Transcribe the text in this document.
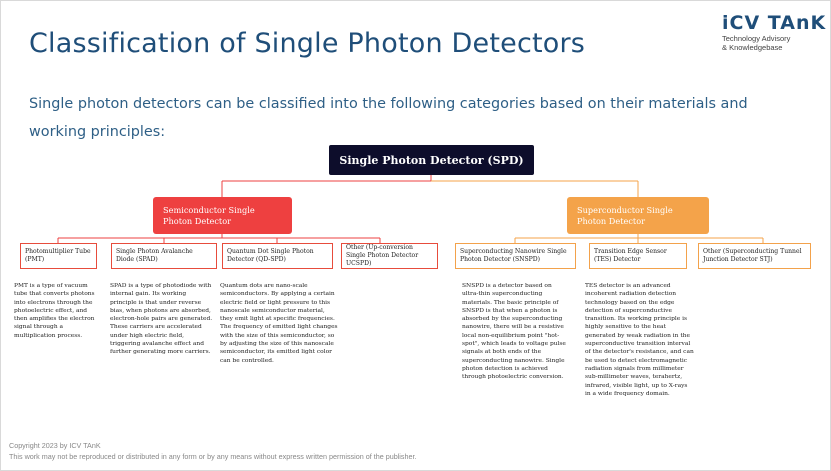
Classification of Single Photon Detectors
iCV TAnK
Technology Advisory
& Knowledgebase
Single photon detectors can be classified into the following categories based on their materials and working principles:
Single Photon Detector (SPD)
Semiconductor Single Photon Detector
Superconductor Single Photon Detector
Photomultiplier Tube (PMT)
Single Photon Avalanche Diode (SPAD)
Quantum Dot Single Photon Detector (QD-SPD)
Other (Up-conversion Single Photon Detector UCSPD)
Superconducting Nanowire Single Photon Detector (SNSPD)
Transition Edge Sensor (TES) Detector
Other (Superconducting Tunnel Junction Detector STJ)
PMT is a type of vacuum tube that converts photons into electrons through the photoelectric effect, and then amplifies the electron signal through a multiplication process.
SPAD is a type of photodiode with internal gain. Its working principle is that under reverse bias, when photons are absorbed, electron-hole pairs are generated. These carriers are accelerated under high electric field, triggering avalanche effect and further generating more carriers.
Quantum dots are nano-scale semiconductors. By applying a certain electric field or light pressure to this nanoscale semiconductor material, they emit light at specific frequencies. The frequency of emitted light changes with the size of this semiconductor, so by adjusting the size of this nanoscale semiconductor, its emitted light color can be controlled.
SNSPD is a detector based on ultra-thin superconducting materials. The basic principle of SNSPD is that when a photon is absorbed by the superconducting nanowire, there will be a resistive local non-equilibrium point "hot-spot", which leads to voltage pulse signals at both ends of the superconducting nanowire. Single photon detection is achieved through photoelectric conversion.
TES detector is an advanced incoherent radiation detection technology based on the edge detection of superconductive transition. Its working principle is highly sensitive to the heat generated by weak radiation in the superconductive transition interval of the detector's resistance, and can be used to detect electromagnetic radiation signals from millimeter sub-millimeter waves, terahertz, infrared, visible light, up to X-rays in a wide frequency domain.
Copyright 2023 by ICV TAnK
This work may not be reproduced or distributed in any form or by any means without express written permission of the publisher.
